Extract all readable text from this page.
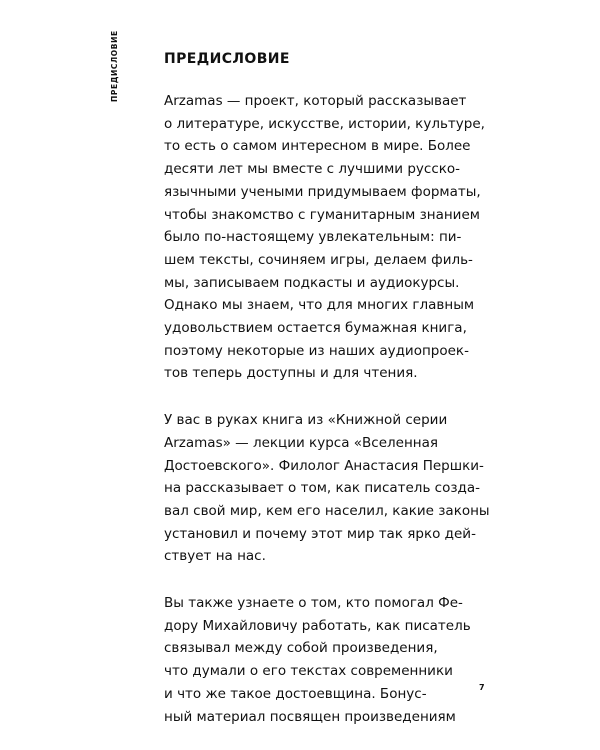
ПРЕДИСЛОВИЕ	ПРЕДИСЛОВИЕ

Arzamas — проект, который рассказывает
о литературе, искусстве, истории, культуре,
то есть о самом интересном в мире. Более
десяти лет мы вместе с лучшими русско-
язычными учеными придумываем форматы,
чтобы знакомство с гуманитарным знанием
было по-настоящему увлекательным: пи-
шем тексты, сочиняем игры, делаем филь-
мы, записываем подкасты и аудиокурсы.
Однако мы знаем, что для многих главным
удовольствием остается бумажная книга,
поэтому некоторые из наших аудиопроек-
тов теперь доступны и для чтения.

У вас в руках книга из «Книжной серии
Arzamas» — лекции курса «Вселенная
Достоевского». Филолог Анастасия Першки-
на рассказывает о том, как писатель созда-
вал свой мир, кем его населил, какие законы
установил и почему этот мир так ярко дей-
ствует на нас.

Вы также узнаете о том, кто помогал Фе-
дору Михайловичу работать, как писатель
связывал между собой произведения,
что думали о его текстах современники
и что же такое достоевщина. Бонус-
ный материал посвящен произведениям

7
